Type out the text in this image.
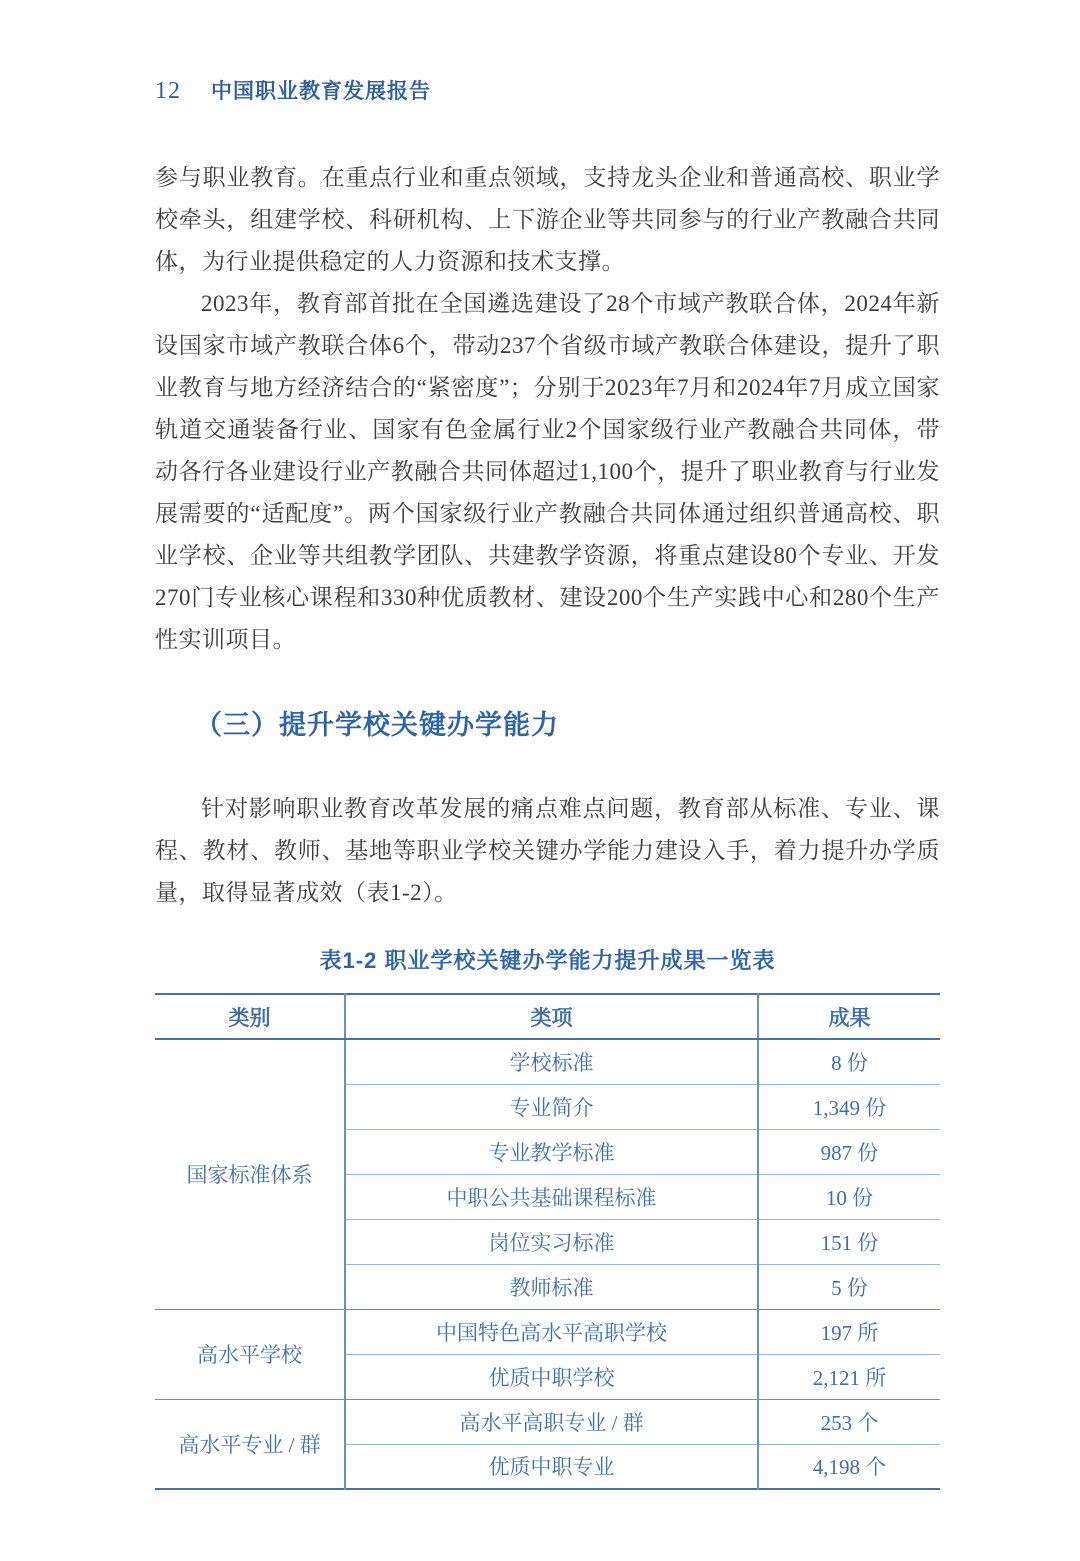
12 中国职业教育发展报告

参与职业教育。在重点行业和重点领域，支持龙头企业和普通高校、职业学校牵头，组建学校、科研机构、上下游企业等共同参与的行业产教融合共同体，为行业提供稳定的人力资源和技术支撑。

2023年，教育部首批在全国遴选建设了28个市域产教联合体，2024年新设国家市域产教联合体6个，带动237个省级市域产教联合体建设，提升了职业教育与地方经济结合的“紧密度”；分别于2023年7月和2024年7月成立国家轨道交通装备行业、国家有色金属行业2个国家级行业产教融合共同体，带动各行各业建设行业产教融合共同体超过1,100个，提升了职业教育与行业发展需要的“适配度”。两个国家级行业产教融合共同体通过组织普通高校、职业学校、企业等共组教学团队、共建教学资源，将重点建设80个专业、开发270门专业核心课程和330种优质教材、建设200个生产实践中心和280个生产性实训项目。

（三）提升学校关键办学能力

针对影响职业教育改革发展的痛点难点问题，教育部从标准、专业、课程、教材、教师、基地等职业学校关键办学能力建设入手，着力提升办学质量，取得显著成效（表1-2）。

表1-2 职业学校关键办学能力提升成果一览表
类别	类项	成果
国家标准体系	学校标准	8 份
	专业简介	1,349 份
	专业教学标准	987 份
	中职公共基础课程标准	10 份
	岗位实习标准	151 份
	教师标准	5 份
高水平学校	中国特色高水平高职学校	197 所
	优质中职学校	2,121 所
高水平专业 / 群	高水平高职专业 / 群	253 个
	优质中职专业	4,198 个
